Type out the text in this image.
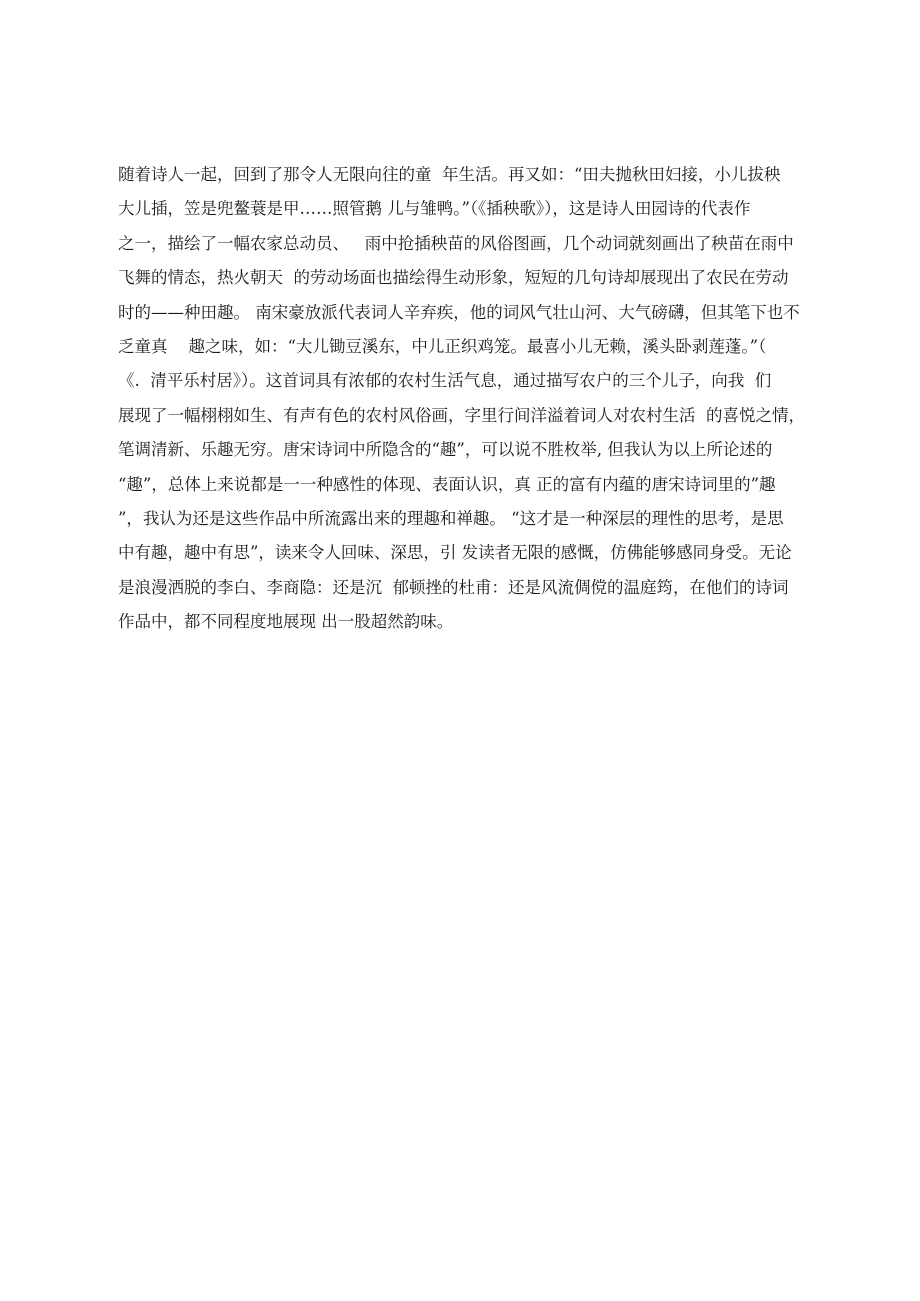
随着诗人一起，回到了那令人无限向往的童  年生活。再又如：“田夫抛秋田妇接，小儿拔秧
大儿插，笠是兜鳌蓑是甲……照管鹅 儿与雏鸭。”（《插秧歌》），这是诗人田园诗的代表作
之一，描绘了一幅农家总动员、   雨中抢插秧苗的风俗图画，几个动词就刻画出了秧苗在雨中
飞舞的情态，热火朝天  的劳动场面也描绘得生动形象，短短的几句诗却展现出了农民在劳动
时的——种田趣。 南宋豪放派代表词人辛弃疾，他的词风气壮山河、大气磅礴，但其笔下也不
乏童真    趣之味，如：“大儿锄豆溪东，中儿正织鸡笼。最喜小儿无赖，溪头卧剥莲蓬。”（
《.  清平乐村居》）。这首词具有浓郁的农村生活气息，通过描写农户的三个儿子，向我  们
展现了一幅栩栩如生、有声有色的农村风俗画，字里行间洋溢着词人对农村生活  的喜悦之情，
笔调清新、乐趣无穷。唐宋诗词中所隐含的“趣”，可以说不胜枚举, 但我认为以上所论述的
“趣”，总体上来说都是一一种感性的体现、表面认识，真 正的富有内蕴的唐宋诗词里的”趣
”，我认为还是这些作品中所流露出来的理趣和禅趣。 “这才是一种深层的理性的思考，是思
中有趣，趣中有思”，读来令人回味、深思，引 发读者无限的感慨，仿佛能够感同身受。无论
是浪漫洒脱的李白、李商隐：还是沉  郁顿挫的杜甫：还是风流倜傥的温庭筠，在他们的诗词
作品中，都不同程度地展现 出一股超然韵味。
